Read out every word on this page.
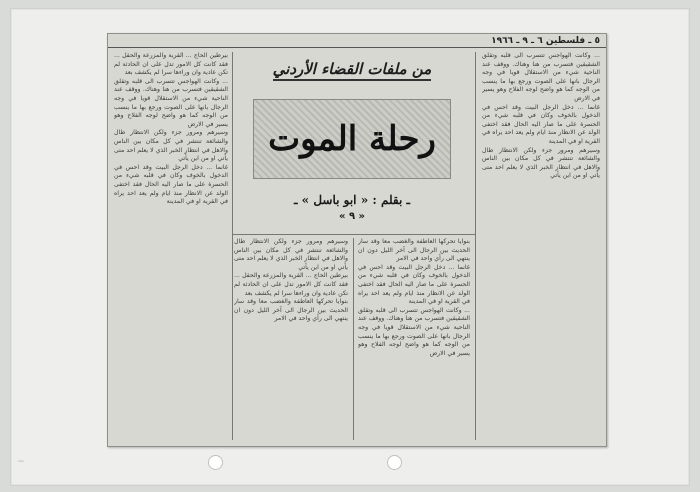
~
٥ ـ فلسطين ٦ ـ ٩ ـ ١٩٦٦

... وكانت الهواجس تتسرب الى قلبه وتقلق الشقيقين فتسرب من هنا وهناك. ووقف عند الناحية شيء من الاستقلال قويا في وجه الرجال بانها على الصوت ورجع بها ما ينسب من الوجه كما هو واضح لوجه الفلاح وهو يسير في الارض

غانما ... دخل الرجل البيت وقد احس في الدخول بالخوف وكان في قلبه شيء من الحسرة على ما صار اليه الحال فقد اختفى الولد عن الانظار منذ ايام ولم يعد احد يراه في القرية او في المدينة

وسيرهم ومرور جزء ولكن الانتظار طال والشائعة تنتشر في كل مكان بين الناس والاهل في انتظار الخبر الذي لا يعلم احد متى يأتي او من اين يأتي

من ملفات القضاء الأردني
رحلة الموت
ـ بقلم : « ابو باسل » ـ
« ٩ »

بنوايا تحركها العاطفة والغضب معا وقد سار الحديث بين الرجال الى آخر الليل دون ان ينتهي الى رأي واحد في الامر

غانما ... دخل الرجل البيت وقد احس في الدخول بالخوف وكان في قلبه شيء من الحسرة على ما صار اليه الحال فقد اختفى الولد عن الانظار منذ ايام ولم يعد احد يراه في القرية او في المدينة

... وكانت الهواجس تتسرب الى قلبه وتقلق الشقيقين فتسرب من هنا وهناك. ووقف عند الناحية شيء من الاستقلال قويا في وجه الرجال بانها على الصوت ورجع بها ما ينسب من الوجه كما هو واضح لوجه الفلاح وهو يسير في الارض

وسيرهم ومرور جزء ولكن الانتظار طال والشائعة تنتشر في كل مكان بين الناس والاهل في انتظار الخبر الذي لا يعلم احد متى يأتي او من اين يأتي

بيرطين الحاج ... القرية والمزرعة والحقل ... فقد كانت كل الامور تدل على ان الحادثة لم تكن عادية وان وراءها سرا لم يكشف بعد

بنوايا تحركها العاطفة والغضب معا وقد سار الحديث بين الرجال الى آخر الليل دون ان ينتهي الى رأي واحد في الامر

بيرطين الحاج ... القرية والمزرعة والحقل ... فقد كانت كل الامور تدل على ان الحادثة لم تكن عادية وان وراءها سرا لم يكشف بعد

... وكانت الهواجس تتسرب الى قلبه وتقلق الشقيقين فتسرب من هنا وهناك. ووقف عند الناحية شيء من الاستقلال قويا في وجه الرجال بانها على الصوت ورجع بها ما ينسب من الوجه كما هو واضح لوجه الفلاح وهو يسير في الارض

وسيرهم ومرور جزء ولكن الانتظار طال والشائعة تنتشر في كل مكان بين الناس والاهل في انتظار الخبر الذي لا يعلم احد متى يأتي او من اين يأتي

غانما ... دخل الرجل البيت وقد احس في الدخول بالخوف وكان في قلبه شيء من الحسرة على ما صار اليه الحال فقد اختفى الولد عن الانظار منذ ايام ولم يعد احد يراه في القرية او في المدينة
